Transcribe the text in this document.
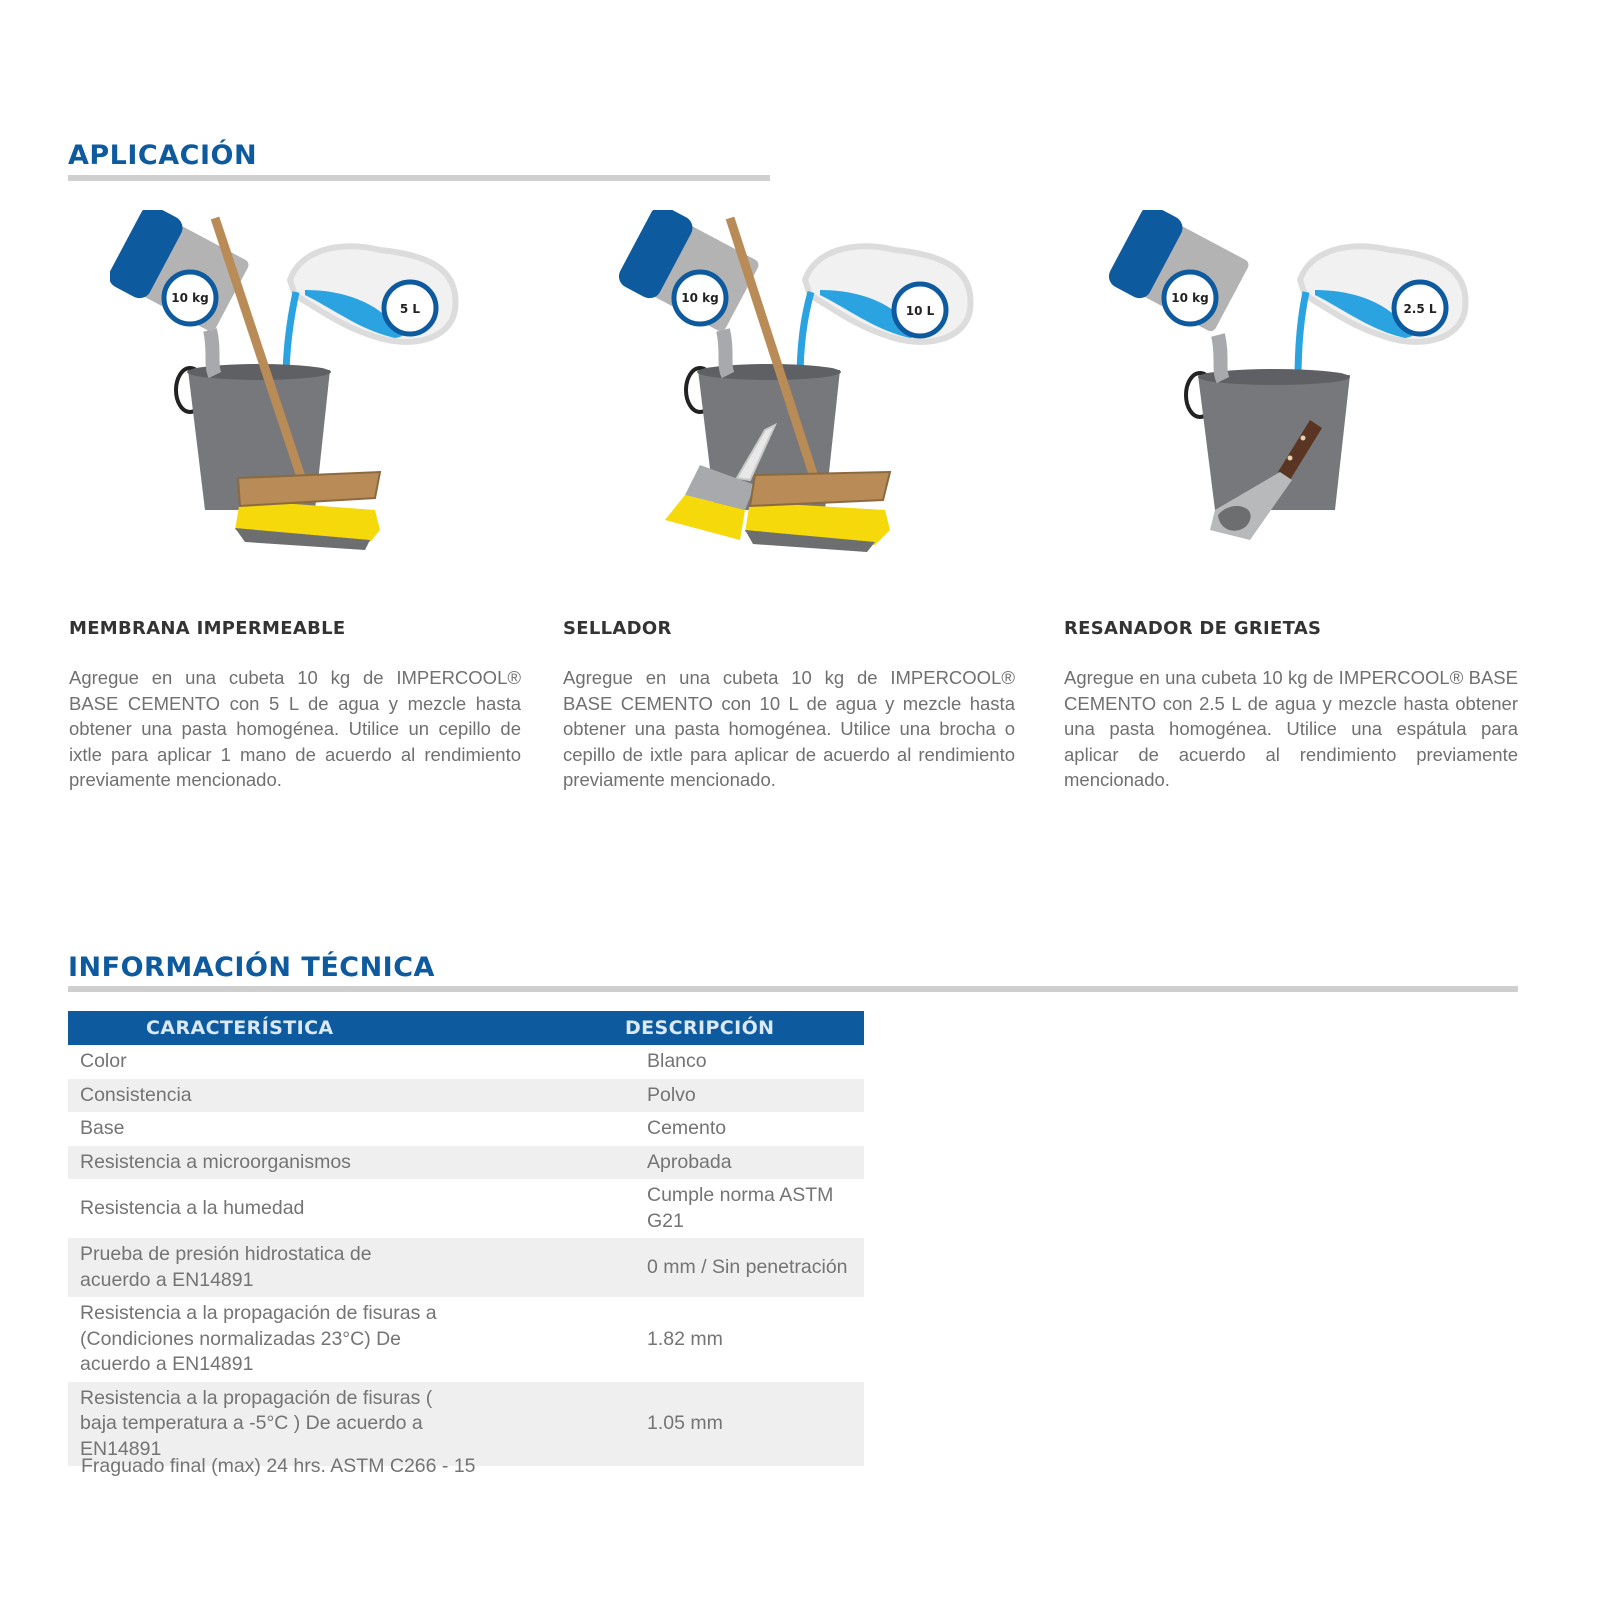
APLICACIÓN
5 L
10 kg
10 L
10 kg
2.5 L
10 kg
MEMBRANA IMPERMEABLE

Agregue en una cubeta 10 kg de IMPERCOOL® BASE CEMENTO con 5 L de agua y mezcle hasta obtener una pasta homogénea. Utilice un cepillo de ixtle para aplicar 1 mano de acuerdo al rendimiento previamente mencionado.

SELLADOR

Agregue en una cubeta 10 kg de IMPERCOOL® BASE CEMENTO con 10 L de agua y mezcle hasta obtener una pasta homogénea. Utilice una brocha o cepillo de ixtle para aplicar de acuerdo al rendimiento previamente mencionado.

RESANADOR DE GRIETAS

Agregue en una cubeta 10 kg de IMPERCOOL® BASE CEMENTO con 2.5 L de agua y mezcle hasta obtener una pasta homogénea. Utilice una espátula para aplicar de acuerdo al rendimiento previamente mencionado.

INFORMACIÓN TÉCNICA
CARACTERÍSTICA	DESCRIPCIÓN
Color	Blanco
Consistencia	Polvo
Base	Cemento
Resistencia a microorganismos	Aprobada
Resistencia a la humedad	Cumple norma ASTM G21
Prueba de presión hidrostatica de acuerdo a EN14891	0 mm / Sin penetración
Resistencia a la propagación de fisuras a (Condiciones normalizadas 23°C) De acuerdo a EN14891	1.82 mm
Resistencia a la propagación de fisuras ( baja temperatura a -5°C ) De acuerdo a EN14891	1.05 mm
Fraguado final (max) 24 hrs. ASTM C266 - 15
